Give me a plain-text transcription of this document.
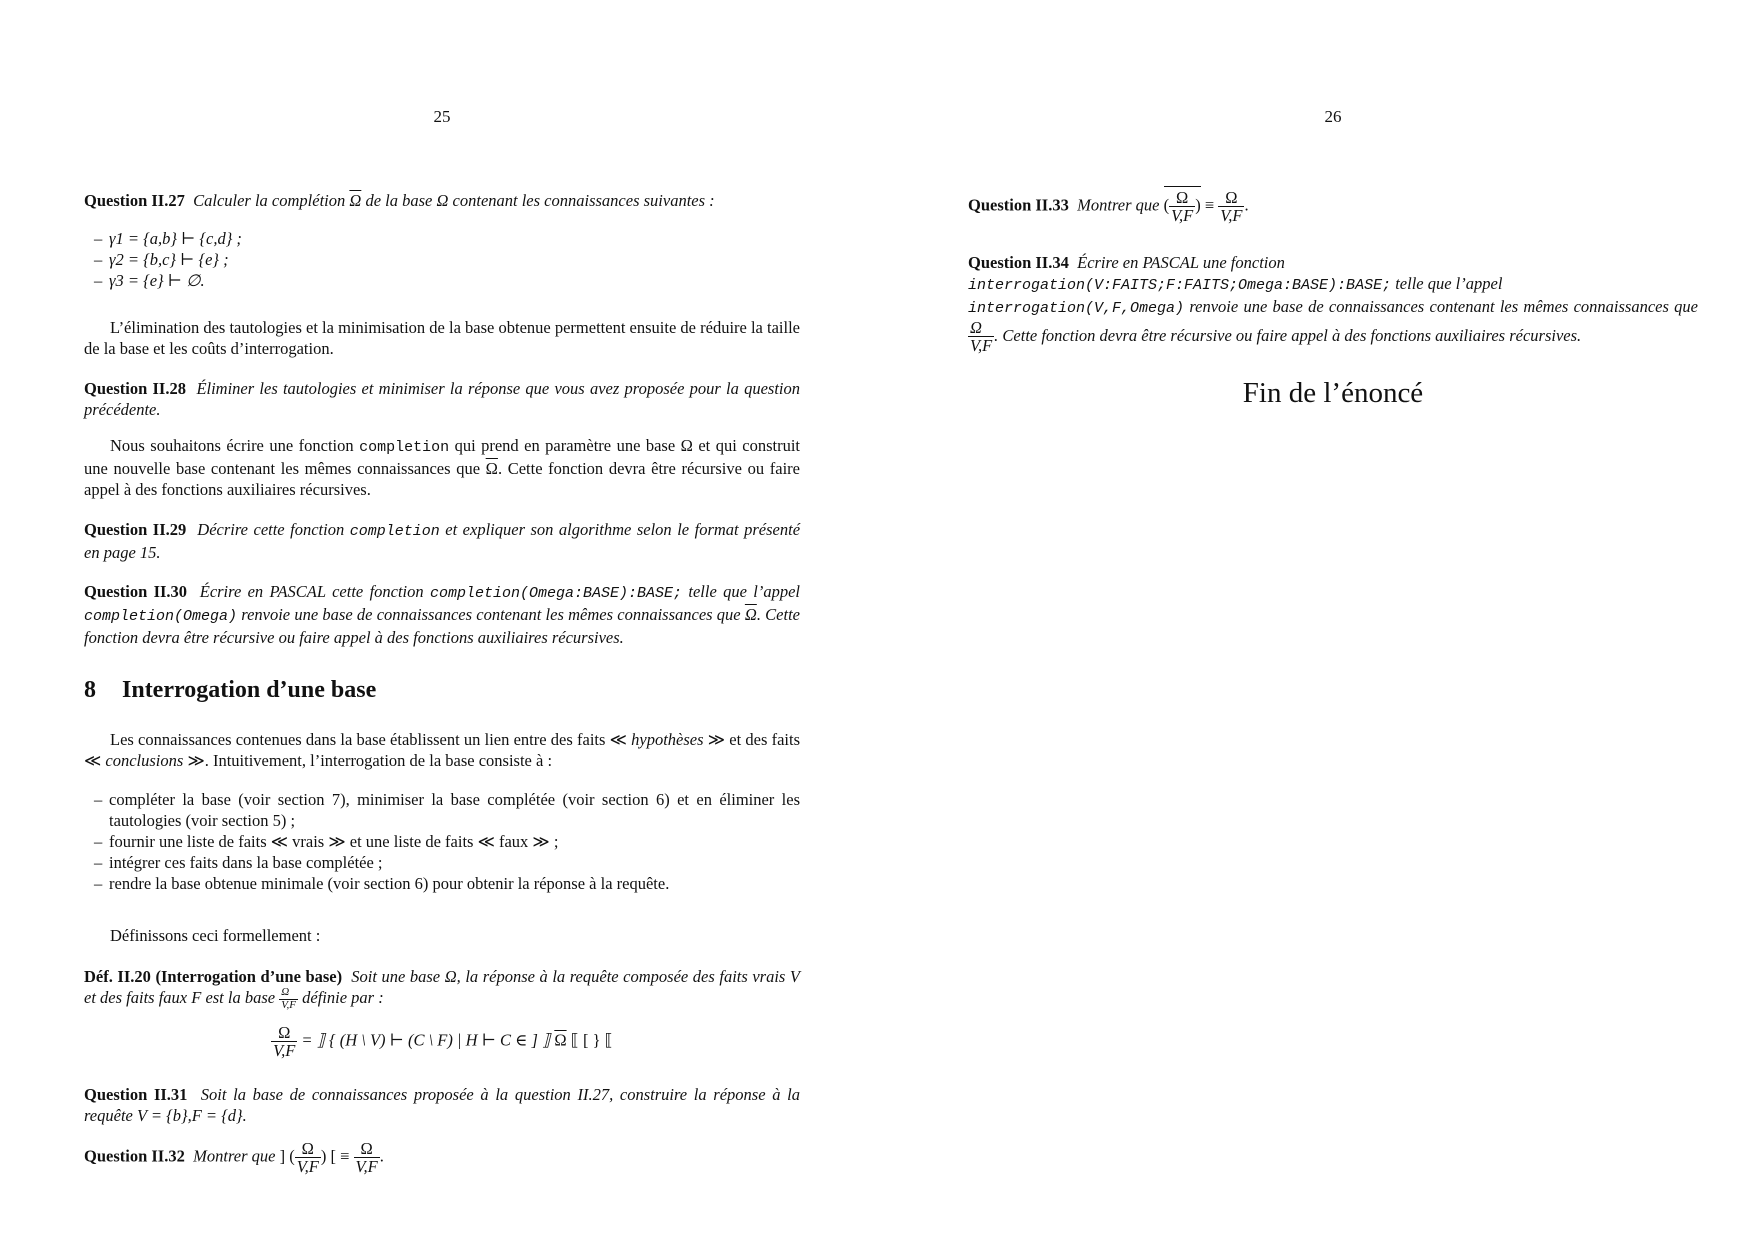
25
Question II.27 Calculer la complétion $\overline{\Omega}$ de la base Ω contenant les connaissances suivantes :
– γ1 = {a,b} ⊢ {c,d} ;
– γ2 = {b,c} ⊢ {e} ;
– γ3 = {e} ⊢ ∅.
L’élimination des tautologies et la minimisation de la base obtenue permettent ensuite de réduire la taille de la base et les coûts d’interrogation.
Question II.28 Éliminer les tautologies et minimiser la réponse que vous avez proposée pour la question précédente.
Nous souhaitons écrire une fonction completion qui prend en paramètre une base Ω et qui construit une nouvelle base contenant les mêmes connaissances que $\overline{\Omega}$. Cette fonction devra être récursive ou faire appel à des fonctions auxiliaires récursives.
Question II.29 Décrire cette fonction completion et expliquer son algorithme selon le format présenté en page 15.
Question II.30 Écrire en PASCAL cette fonction completion(Omega:BASE):BASE; telle que l’appel completion(Omega) renvoie une base de connaissances contenant les mêmes connaissances que $\overline{\Omega}$. Cette fonction devra être récursive ou faire appel à des fonctions auxiliaires récursives.
8 Interrogation d’une base
Les connaissances contenues dans la base établissent un lien entre des faits ≪ hypothèses ≫ et des faits ≪ conclusions ≫. Intuitivement, l’interrogation de la base consiste à :
– compléter la base (voir section 7), minimiser la base complétée (voir section 6) et en éliminer les tautologies (voir section 5) ;
– fournir une liste de faits ≪ vrais ≫ et une liste de faits ≪ faux ≫ ;
– intégrer ces faits dans la base complétée ;
– rendre la base obtenue minimale (voir section 6) pour obtenir la réponse à la requête.
Définissons ceci formellement :
Déf. II.20 (Interrogation d’une base) Soit une base Ω, la réponse à la requête composée des faits vrais V et des faits faux F est la base $\frac{\Omega}{V,F}$ définie par :
$\frac{\Omega}{V,F}$ = ⟧ { (H \ V) ⊢ (C \ F) | H ⊢ C ∈ ] ⟧ $\overline{\Omega}$ ⟦ [ } ⟦
Question II.31 Soit la base de connaissances proposée à la question II.27, construire la réponse à la requête V = {b},F = {d}.
Question II.32 Montrer que ] ( $\frac{\Omega}{V,F}$ ) [ ≡ $\frac{\Omega}{V,F}$ .
26
Question II.33 Montrer que ( $\frac{\Omega}{V,F}$ ) ≡ $\frac{\Omega}{V,F}$ .
Question II.34 Écrire en PASCAL une fonction
interrogation(V:FAITS;F:FAITS;Omega:BASE):BASE; telle que l’appel
interrogation(V,F,Omega) renvoie une base de connaissances contenant les mêmes connaissances que
$\frac{\Omega}{V,F}$ . Cette fonction devra être récursive ou faire appel à des fonctions auxiliaires récursives.
Fin de l’énoncé
